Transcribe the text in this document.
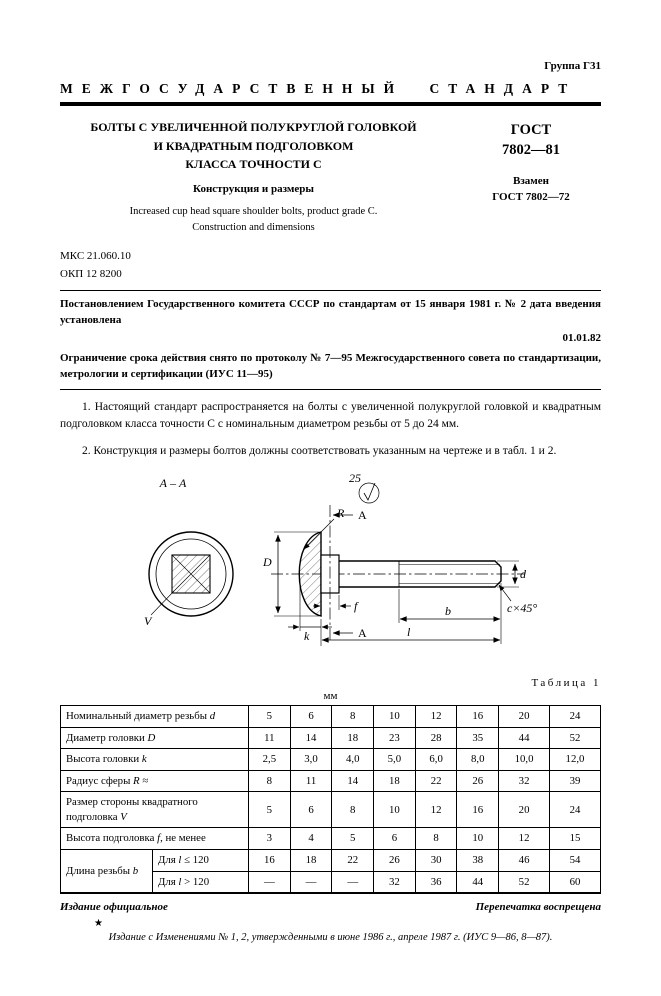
Группа Г31
МЕЖГОСУДАРСТВЕННЫЙ СТАНДАРТ
БОЛТЫ С УВЕЛИЧЕННОЙ ПОЛУКРУГЛОЙ ГОЛОВКОЙ
И КВАДРАТНЫМ ПОДГОЛОВКОМ
КЛАССА ТОЧНОСТИ С
Конструкция и размеры
Increased cup head square shoulder bolts, product grade C.
Construction and dimensions
ГОСТ
7802—81
Взамен
ГОСТ 7802—72
МКС 21.060.10
ОКП 12 8200

Постановлением Государственного комитета СССР по стандартам от 15 января 1981 г. № 2 дата введения установлена

01.01.82

Ограничение срока действия снято по протоколу № 7—95 Межгосударственного совета по стандартизации, метрологии и сертификации (ИУС 11—95)

1. Настоящий стандарт распространяется на болты с увеличенной полукруглой головкой и квадратным подголовком класса точности С с номинальным диаметром резьбы от 5 до 24 мм.

2. Конструкция и размеры болтов должны соответствовать указанным на чертеже и в табл. 1 и 2.

25
А – А
V
А
А
D
R
k
f	b
l
d
с×45°
Таблица 1
мм
Номинальный диаметр резьбы d		5	6	8	10	12	16	20	24
Диаметр головки D		11	14	18	23	28	35	44	52
Высота головки k		2,5	3,0	4,0	5,0	6,0	8,0	10,0	12,0
Радиус сферы R ≈		8	11	14	18	22	26	32	39
Размер стороны квадратного подголовка V		5	6	8	10	12	16	20	24
Высота подголовка f, не менее		3	4	5	6	8	10	12	15
Длина резьбы b	Для l ≤ 120	16	18	22	26	30	38	46	54
	Для l > 120	—	—	—	32	36	44	52	60
Издание официальное	Перепечатка воспрещена
★
Издание с Изменениями № 1, 2, утвержденными в июне 1986 г., апреле 1987 г. (ИУС 9—86, 8—87).
